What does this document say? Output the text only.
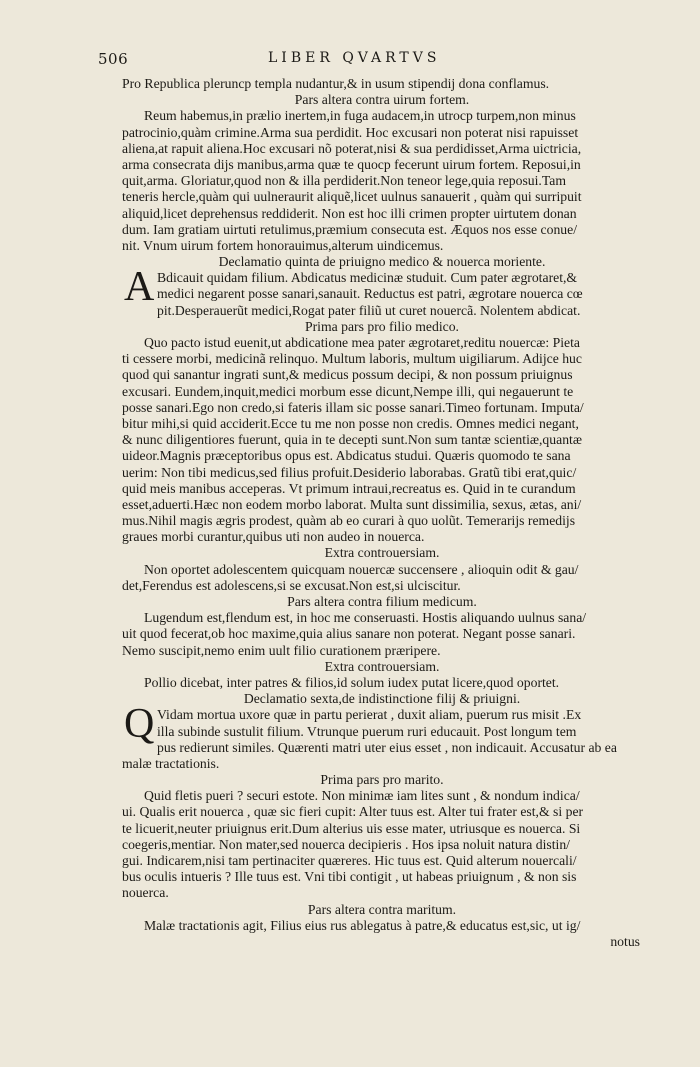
506	LIBER QVARTVS
Pro Republica pleruncp templa nudantur,& in usum stipendij dona conflamus.
Pars altera contra uirum fortem.
Reum habemus,in prælio inertem,in fuga audacem,in utrocp turpem,non minus
patrocinio,quàm crimine.Arma sua perdidit. Hoc excusari non poterat nisi rapuisset
aliena,at rapuit aliena.Hoc excusari nõ poterat,nisi & sua perdidisset,Arma uictricia,
arma consecrata dijs manibus,arma quæ te quocp fecerunt uirum fortem. Reposui,in
quit,arma. Gloriatur,quod non & illa perdiderit.Non teneor lege,quia reposui.Tam
teneris hercle,quàm qui uulneraurit aliquẽ,licet uulnus sanauerit , quàm qui surripuit
aliquid,licet deprehensus reddiderit. Non est hoc illi crimen propter uirtutem donan
dum. Iam gratiam uirtuti retulimus,præmium consecuta est. Æquos nos esse conue/
nit. Vnum uirum fortem honorauimus,alterum uindicemus.
Declamatio quinta de priuigno medico & nouerca moriente.
A Bdicauit quidam filium. Abdicatus medicinæ studuit. Cum pater ægrotaret,&
medici negarent posse sanari,sanauit. Reductus est patri, ægrotare nouerca cœ
pit.Desperauerũt medici,Rogat pater filiũ ut curet nouercã. Nolentem abdicat.
Prima pars pro filio medico.
Quo pacto istud euenit,ut abdicatione mea pater ægrotaret,reditu nouercæ: Pieta
ti cessere morbi, medicinã relinquo. Multum laboris, multum uigiliarum. Adijce huc
quod qui sanantur ingrati sunt,& medicus possum decipi, & non possum priuignus
excusari. Eundem,inquit,medici morbum esse dicunt,Nempe illi, qui negauerunt te
posse sanari.Ego non credo,si fateris illam sic posse sanari.Timeo fortunam. Imputa/
bitur mihi,si quid acciderit.Ecce tu me non posse non credis. Omnes medici negant,
& nunc diligentiores fuerunt, quia in te decepti sunt.Non sum tantæ scientiæ,quantæ
uideor.Magnis præceptoribus opus est. Abdicatus studui. Quæris quomodo te sana
uerim: Non tibi medicus,sed filius profuit.Desiderio laborabas. Gratũ tibi erat,quic/
quid meis manibus acceperas. Vt primum intraui,recreatus es. Quid in te curandum
esset,aduerti.Hæc non eodem morbo laborat. Multa sunt dissimilia, sexus, ætas, ani/
mus.Nihil magis ægris prodest, quàm ab eo curari à quo uolũt. Temerarijs remedijs
graues morbi curantur,quibus uti non audeo in nouerca.
Extra controuersiam.
Non oportet adolescentem quicquam nouercæ succensere , alioquin odit & gau/
det,Ferendus est adolescens,si se excusat.Non est,si ulciscitur.
Pars altera contra filium medicum.
Lugendum est,flendum est, in hoc me conseruasti. Hostis aliquando uulnus sana/
uit quod fecerat,ob hoc maxime,quia alius sanare non poterat. Negant posse sanari.
Nemo suscipit,nemo enim uult filio curationem præripere.
Extra controuersiam.
Pollio dicebat, inter patres & filios,id solum iudex putat licere,quod oportet.
Declamatio sexta,de indistinctione filij & priuigni.
Q Vidam mortua uxore quæ in partu perierat , duxit aliam, puerum rus misit .Ex
illa subinde sustulit filium. Vtrunque puerum ruri educauit. Post longum tem
pus redierunt similes. Quærenti matri uter eius esset , non indicauit. Accusatur ab ea
malæ tractationis.
Prima pars pro marito.
Quid fletis pueri ? securi estote. Non minimæ iam lites sunt , & nondum indica/
ui. Qualis erit nouerca , quæ sic fieri cupit: Alter tuus est. Alter tui frater est,& si per
te licuerit,neuter priuignus erit.Dum alterius uis esse mater, utriusque es nouerca. Si
coegeris,mentiar. Non mater,sed nouerca decipieris . Hos ipsa noluit natura distin/
gui. Indicarem,nisi tam pertinaciter quæreres. Hic tuus est. Quid alterum nouercali/
bus oculis intueris ? Ille tuus est. Vni tibi contigit , ut habeas priuignum , & non sis
nouerca.
Pars altera contra maritum.
Malæ tractationis agit, Filius eius rus ablegatus à patre,& educatus est,sic, ut ig/
notus
